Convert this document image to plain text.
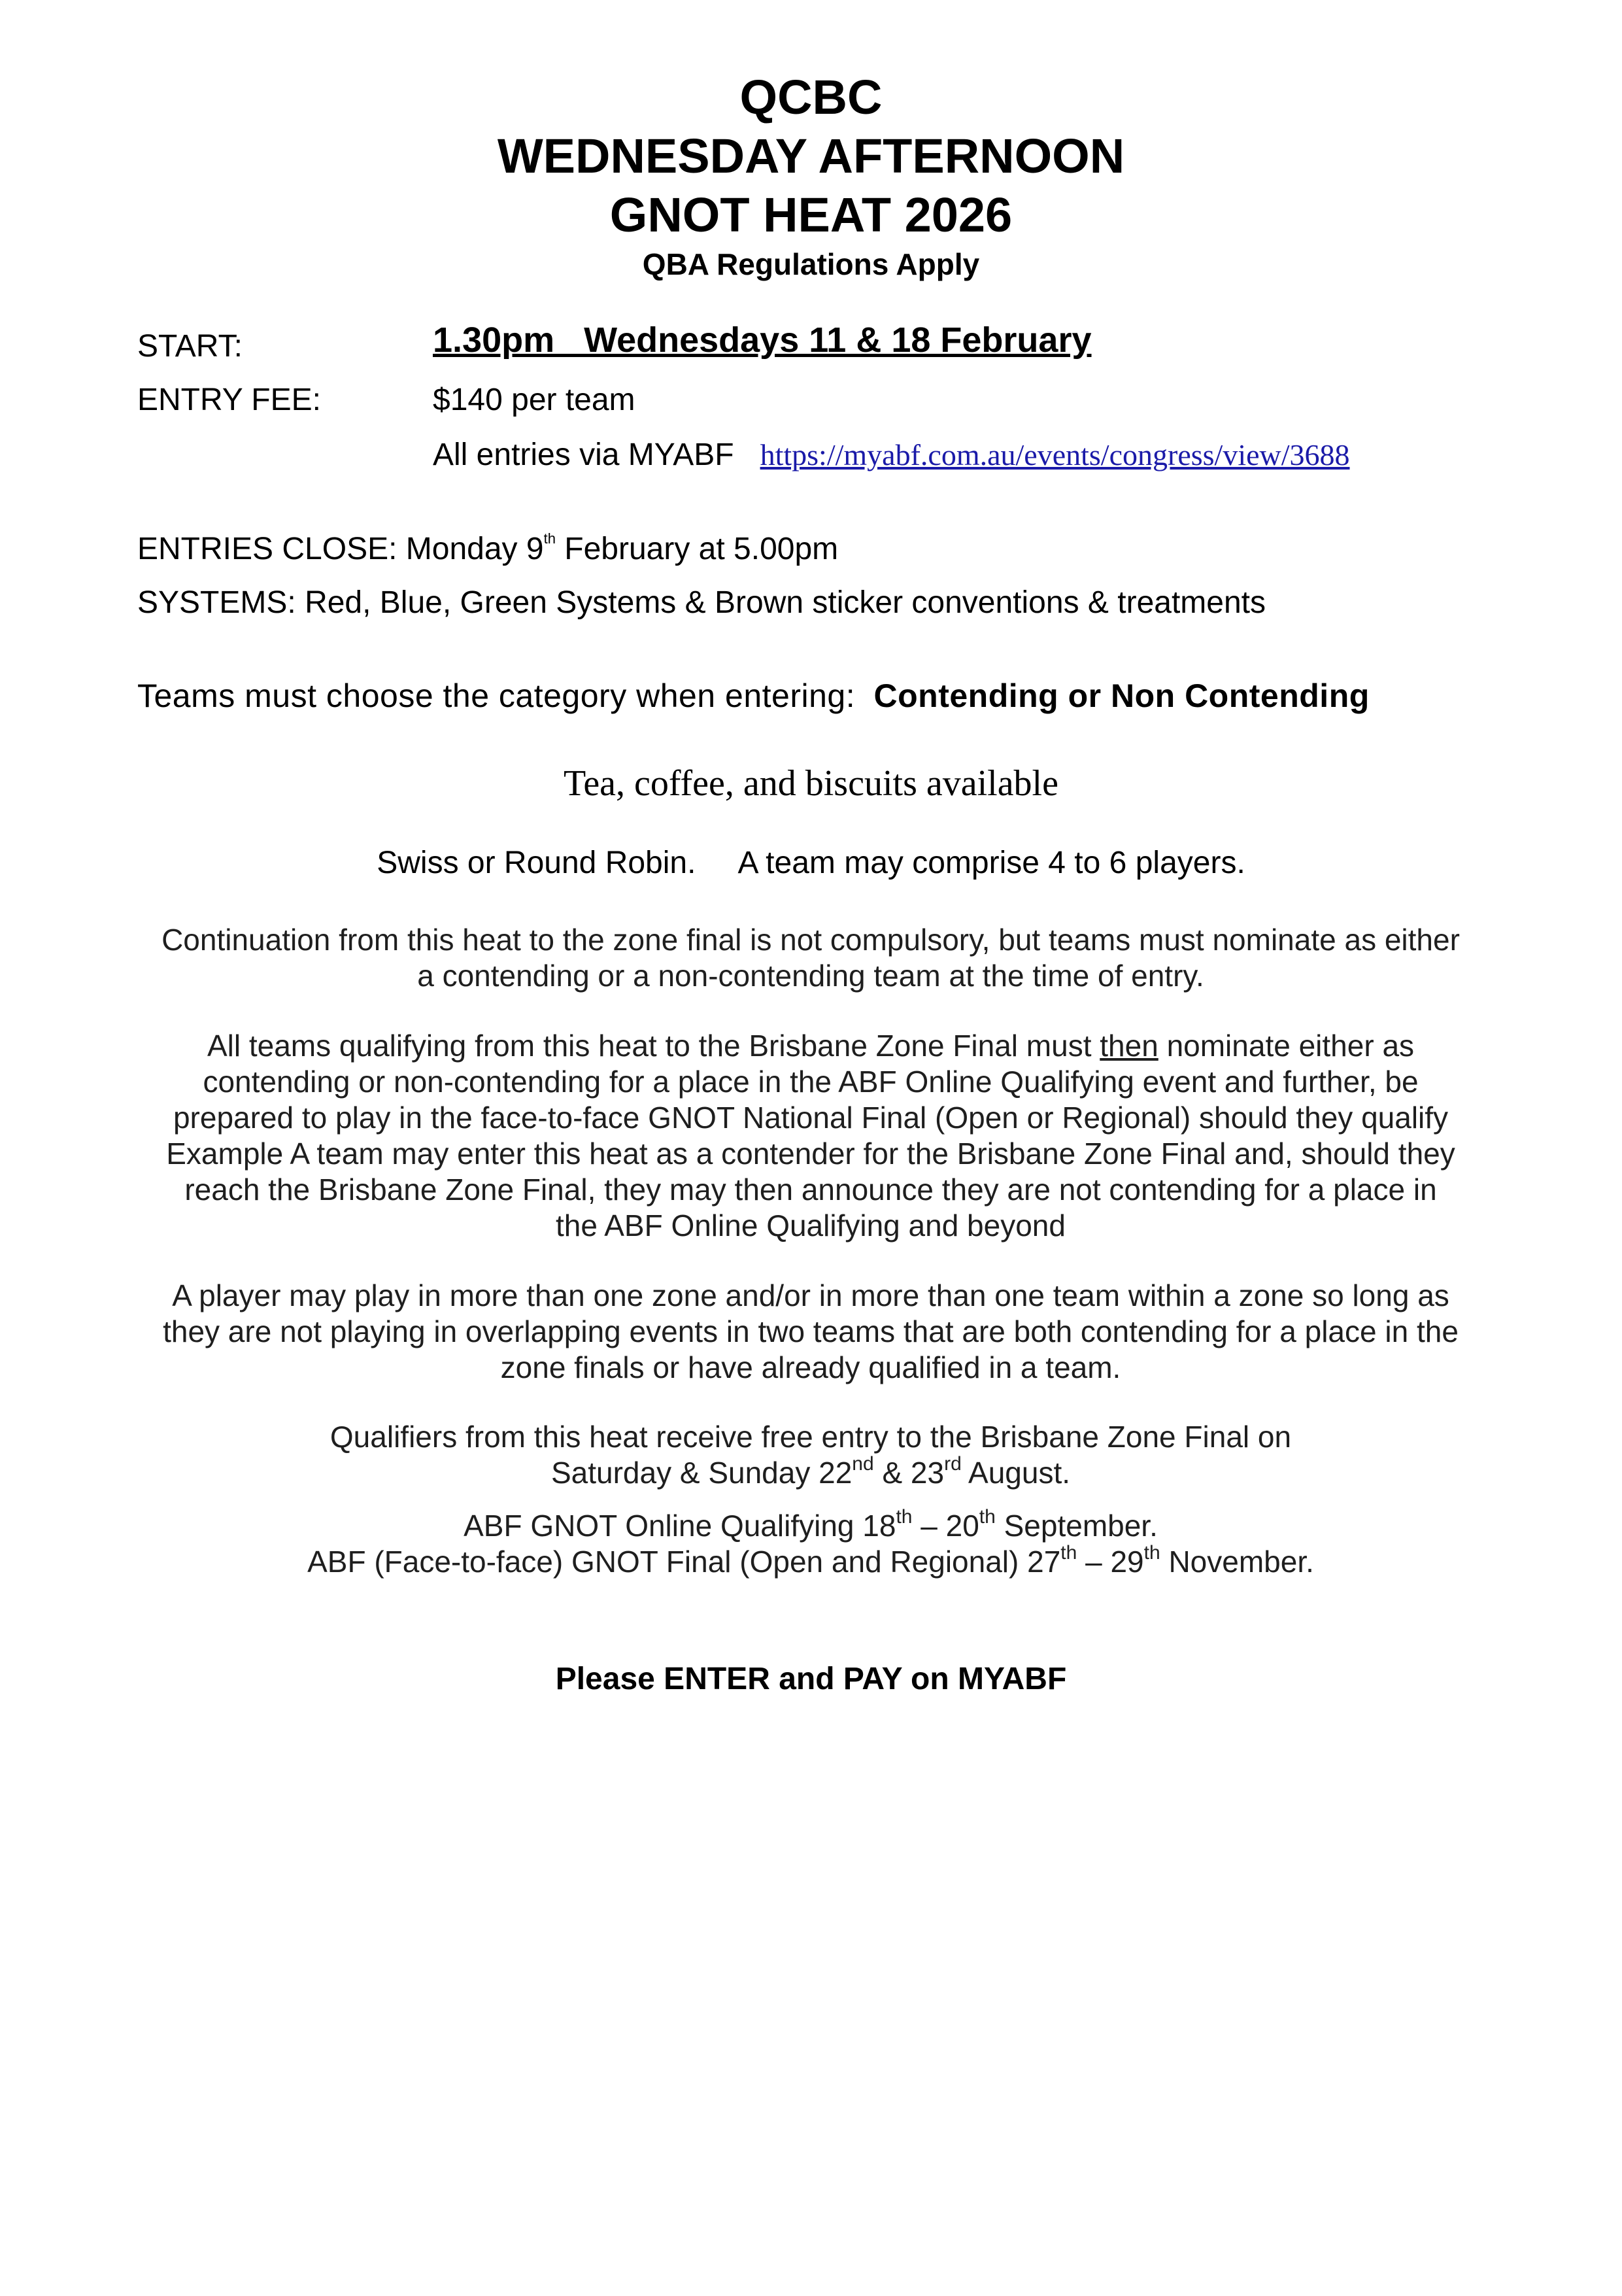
QCBC
WEDNESDAY AFTERNOON
GNOT HEAT 2026
QBA Regulations Apply
START:	1.30pm   Wednesdays 11 & 18 February
ENTRY FEE:	$140 per team
All entries via MYABF https://myabf.com.au/events/congress/view/3688
ENTRIES CLOSE: Monday 9th February at 5.00pm
SYSTEMS: Red, Blue, Green Systems & Brown sticker conventions & treatments
Teams must choose the category when entering: Contending or Non Contending
Tea, coffee, and biscuits available
Swiss or Round Robin. A team may comprise 4 to 6 players.
Continuation from this heat to the zone final is not compulsory, but teams must nominate as either
a contending or a non-contending team at the time of entry.
All teams qualifying from this heat to the Brisbane Zone Final must then nominate either as
contending or non-contending for a place in the ABF Online Qualifying event and further, be
prepared to play in the face-to-face GNOT National Final (Open or Regional) should they qualify
Example A team may enter this heat as a contender for the Brisbane Zone Final and, should they
reach the Brisbane Zone Final, they may then announce they are not contending for a place in
the ABF Online Qualifying and beyond
A player may play in more than one zone and/or in more than one team within a zone so long as
they are not playing in overlapping events in two teams that are both contending for a place in the
zone finals or have already qualified in a team.
Qualifiers from this heat receive free entry to the Brisbane Zone Final on
Saturday & Sunday 22nd & 23rd August.
ABF GNOT Online Qualifying 18th – 20th September.
ABF (Face-to-face) GNOT Final (Open and Regional) 27th – 29th November.
Please ENTER and PAY on MYABF
